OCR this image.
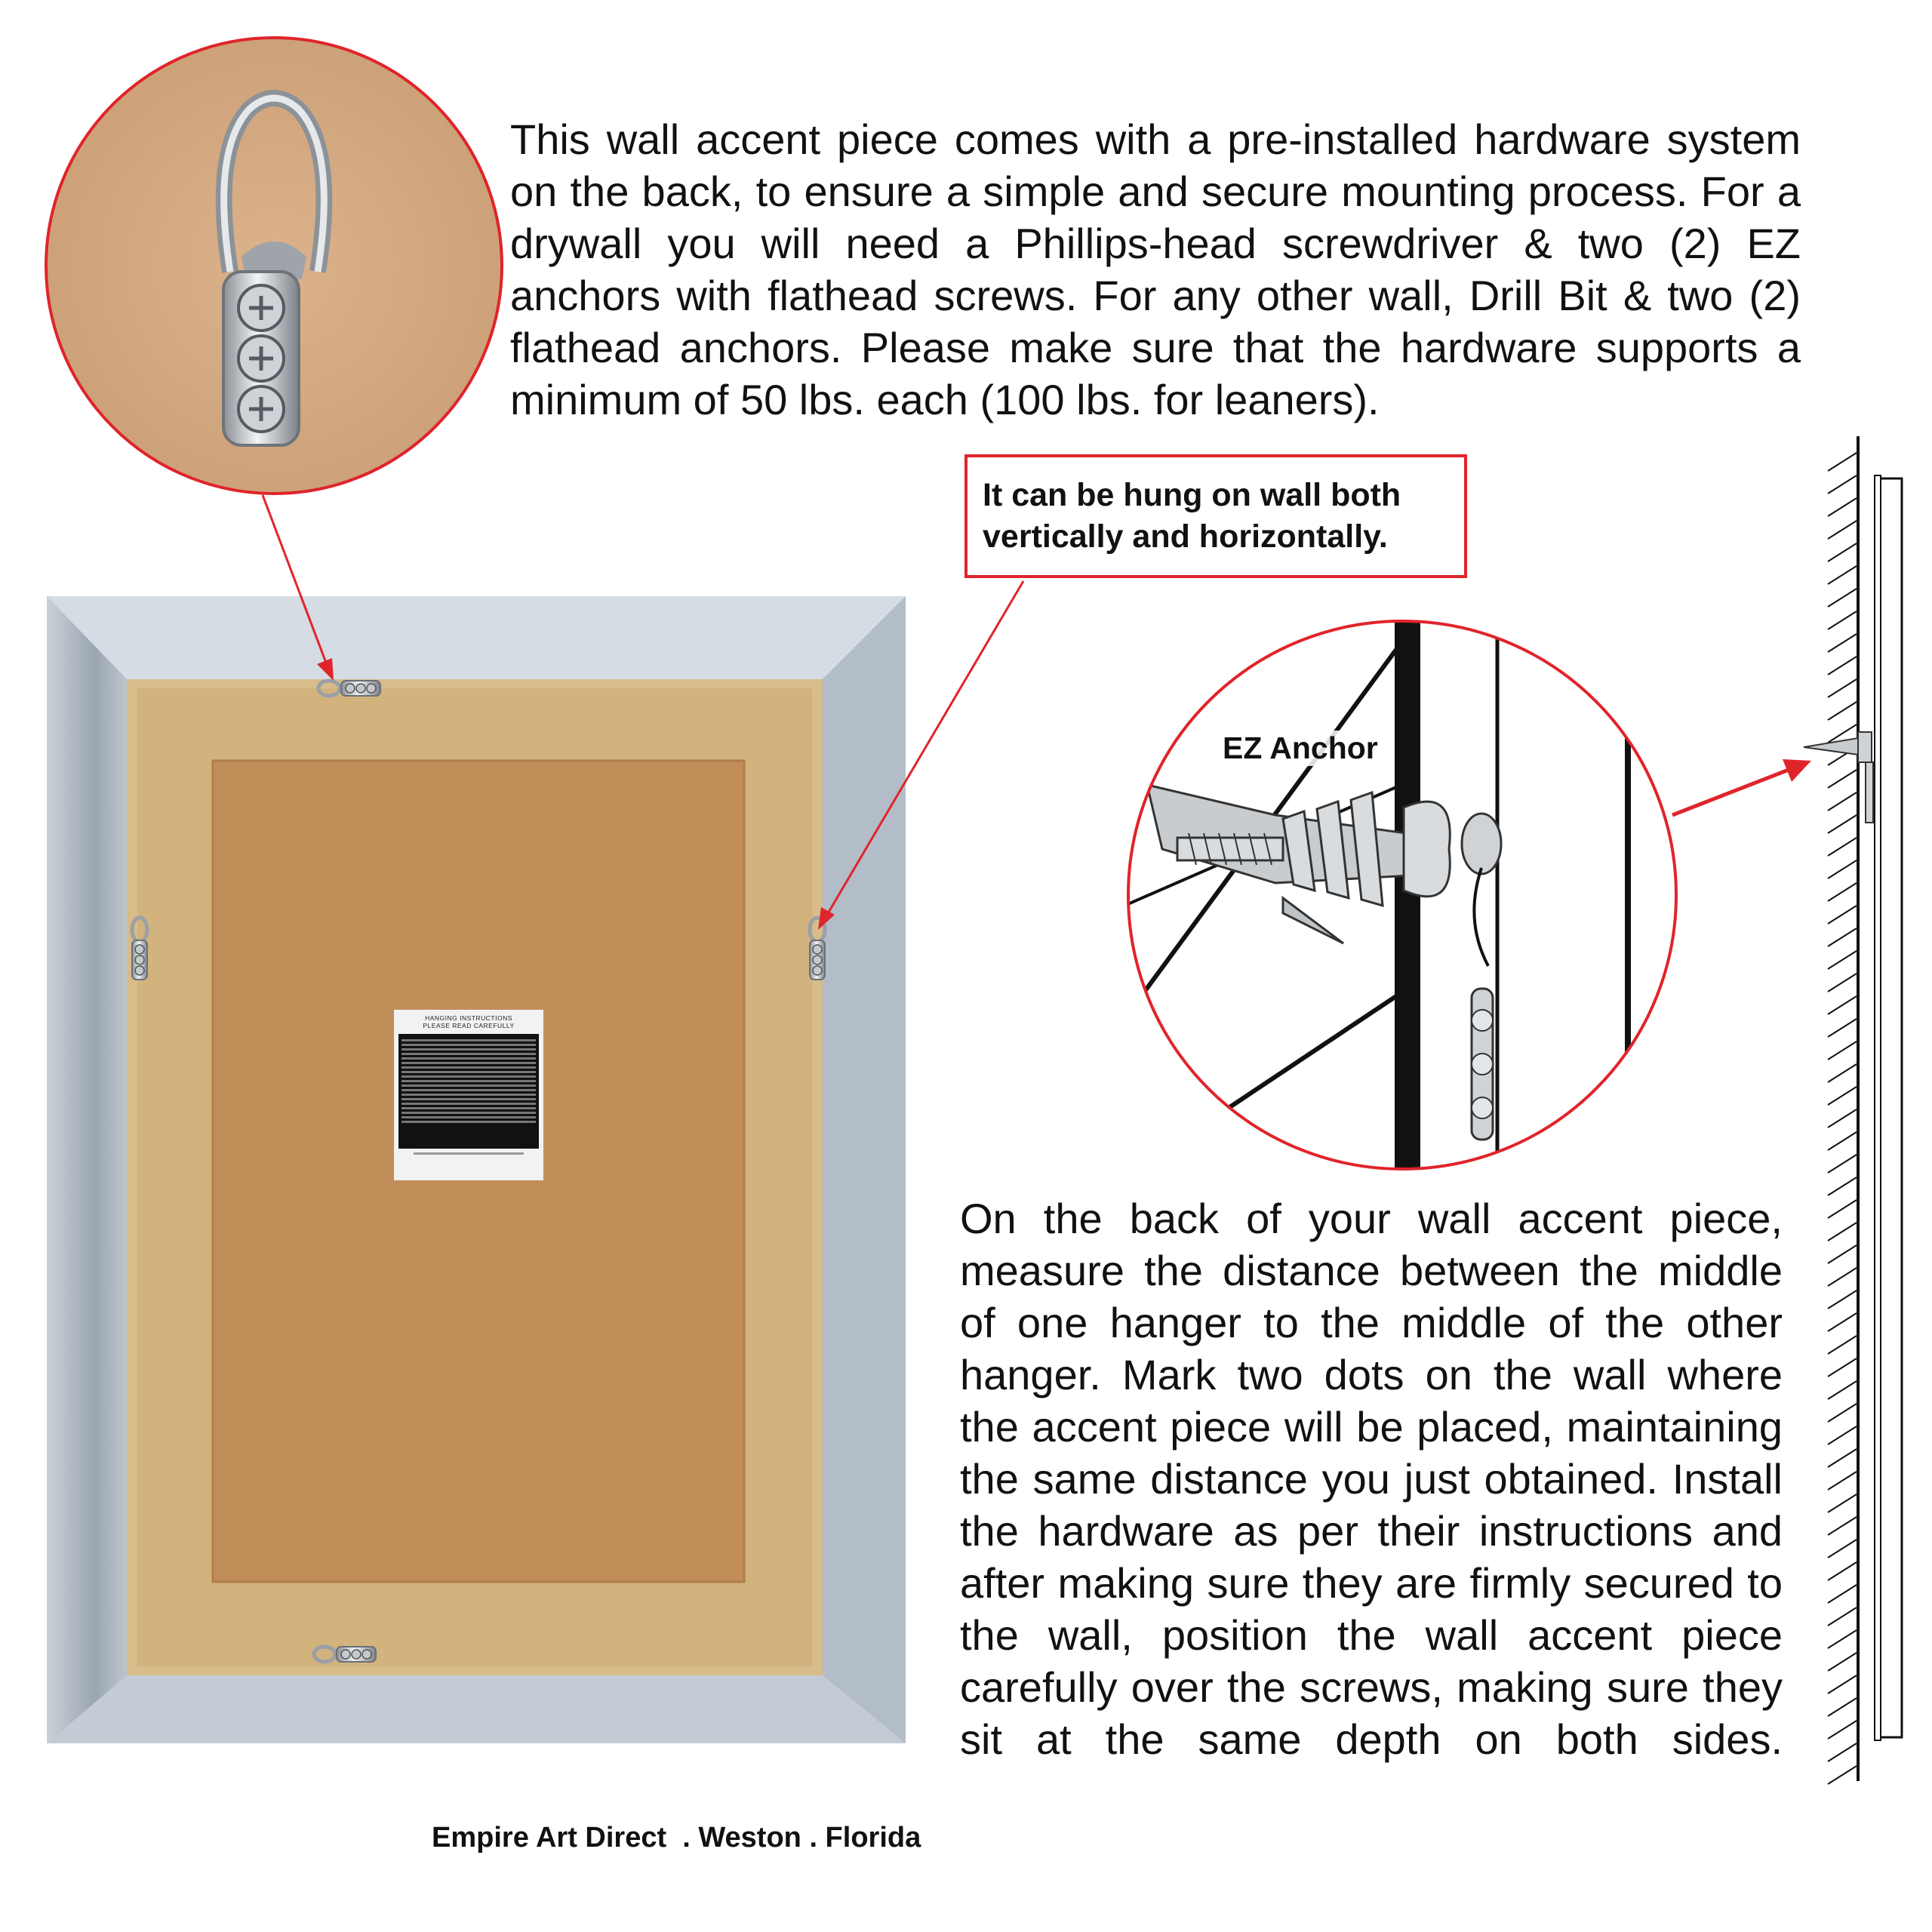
HANGING INSTRUCTIONS
PLEASE READ CAREFULLY
This wall accent piece comes with a pre-installed hardware system on the back, to ensure a simple and secure mounting process. For a drywall you will need a Phillips-head screwdriver & two (2) EZ anchors with flathead screws. For any other wall, Drill Bit & two (2) flathead anchors. Please make sure that the hardware supports a minimum of 50 lbs. each (100 lbs. for leaners).
It can be hung on wall both vertically and horizontally.
EZ Anchor
On the back of your wall accent piece, measure the distance between the middle of one hanger to the middle of the other hanger. Mark two dots on the wall where the accent piece will be placed, maintaining the same distance you just obtained. Install the hardware as per their instructions and after making sure they are firmly secured to the wall, position the wall accent piece carefully over the screws, making sure they sit at the same depth on both sides.
Empire Art Direct  . Weston . Florida
